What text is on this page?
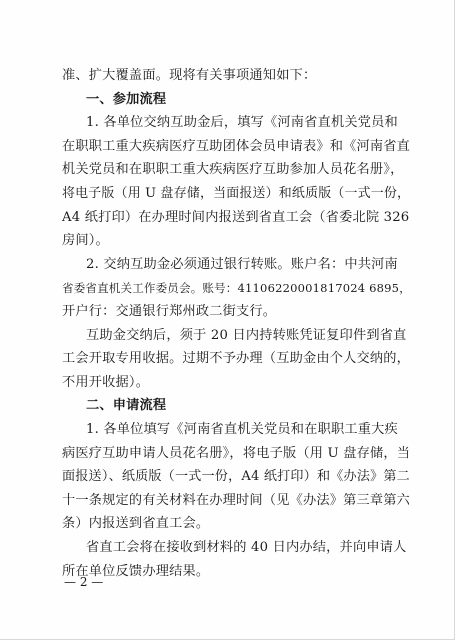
准、扩大覆盖面。现将有关事项通知如下：
一、参加流程
1. 各单位交纳互助金后，填写《河南省直机关党员和
在职职工重大疾病医疗互助团体会员申请表》和《河南省直
机关党员和在职职工重大疾病医疗互助参加人员花名册》，
将电子版（用 U 盘存储，当面报送）和纸质版（一式一份，
A4 纸打印）在办理时间内报送到省直工会（省委北院 326
房间）。
2. 交纳互助金必须通过银行转账。账户名：中共河南
省委省直机关工作委员会。账号：41106220001817024 6895，
开户行：交通银行郑州政二街支行。
互助金交纳后，须于 20 日内持转账凭证复印件到省直
工会开取专用收据。过期不予办理（互助金由个人交纳的，
不用开收据）。
二、申请流程
1. 各单位填写《河南省直机关党员和在职职工重大疾
病医疗互助申请人员花名册》，将电子版（用 U 盘存储，当
面报送）、纸质版（一式一份，A4 纸打印）和《办法》第二
十一条规定的有关材料在办理时间（见《办法》第三章第六
条）内报送到省直工会。
省直工会将在接收到材料的 40 日内办结，并向申请人
所在单位反馈办理结果。
— 2 —
